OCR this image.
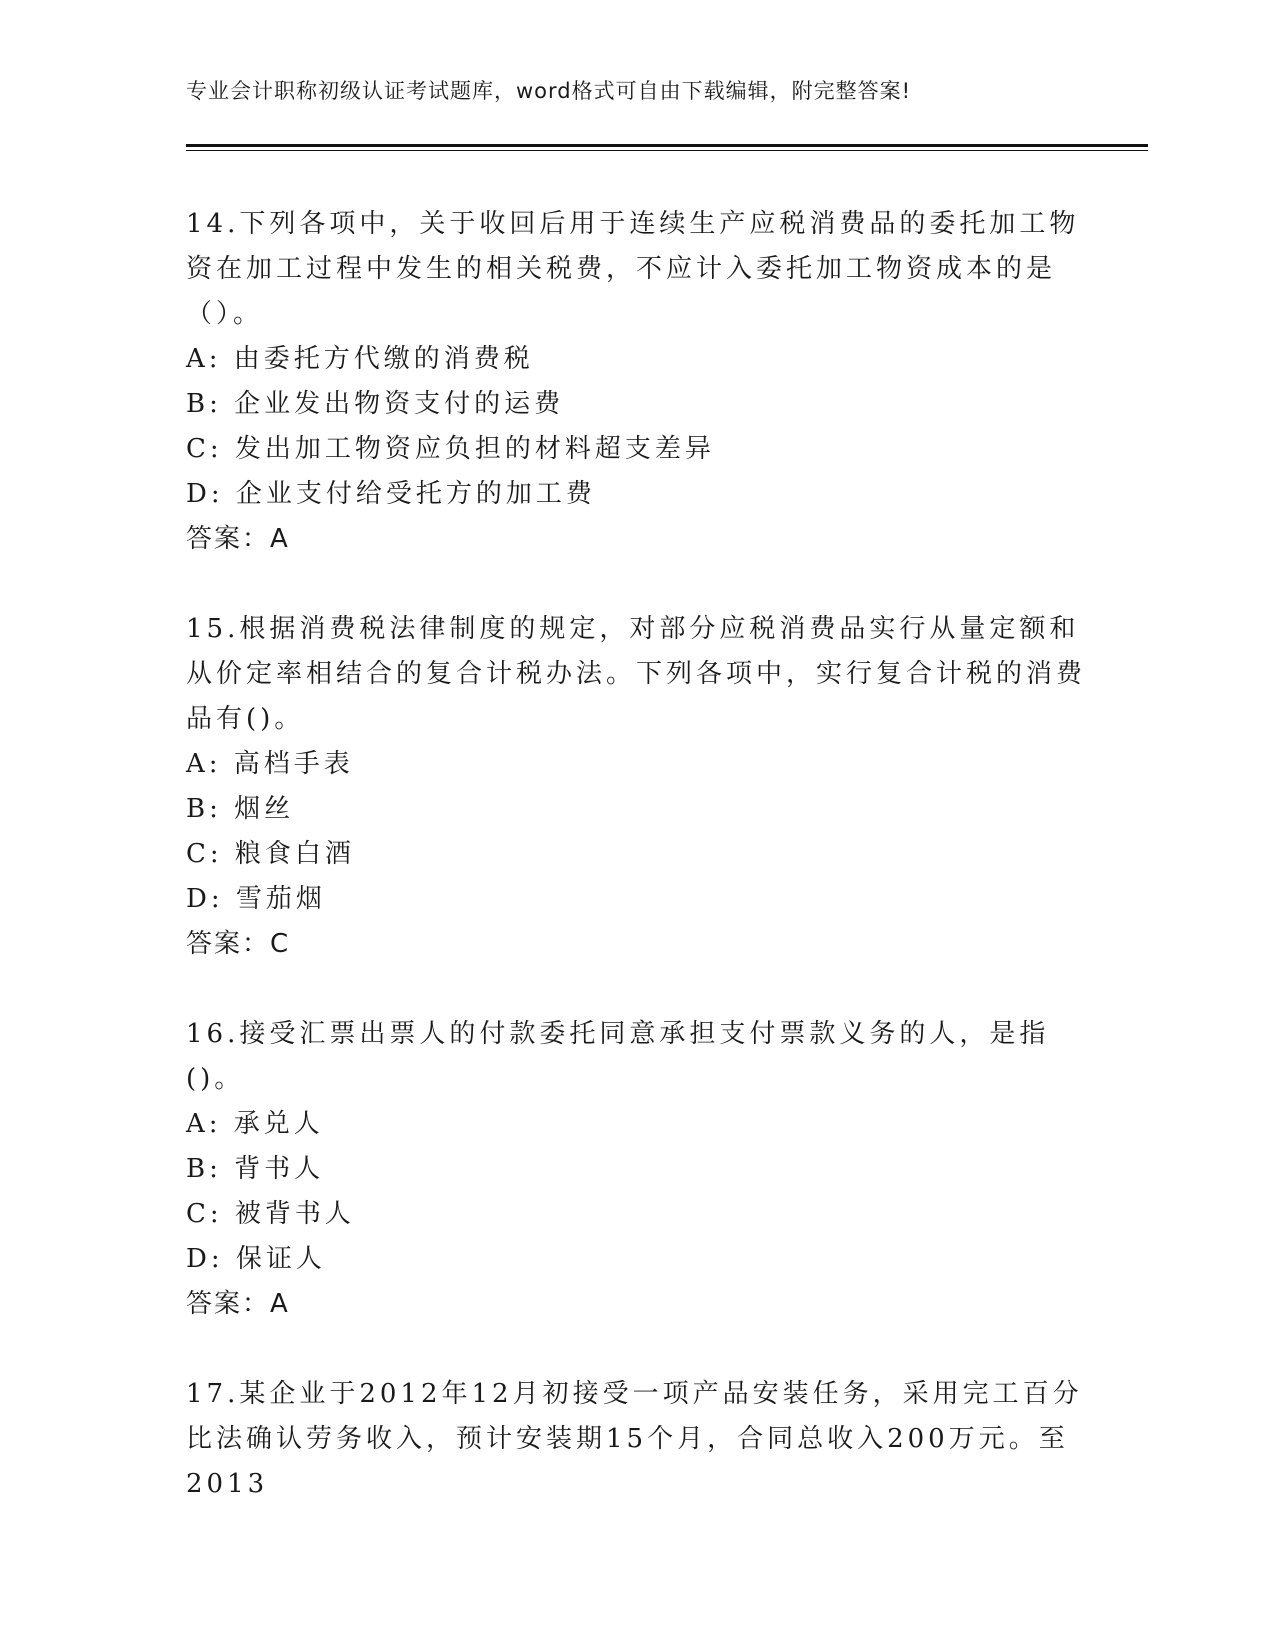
专业会计职称初级认证考试题库，word格式可自由下载编辑，附完整答案!

14.下列各项中，关于收回后用于连续生产应税消费品的委托加工物资在加工过程中发生的相关税费，不应计入委托加工物资成本的是（）。

A: 由委托方代缴的消费税

B: 企业发出物资支付的运费

C: 发出加工物资应负担的材料超支差异

D: 企业支付给受托方的加工费

答案：A

15.根据消费税法律制度的规定，对部分应税消费品实行从量定额和从价定率相结合的复合计税办法。下列各项中，实行复合计税的消费品有()。

A: 高档手表

B: 烟丝

C: 粮食白酒

D: 雪茄烟

答案：C

16.接受汇票出票人的付款委托同意承担支付票款义务的人，是指()。

A: 承兑人

B: 背书人

C: 被背书人

D: 保证人

答案：A

17.某企业于2012年12月初接受一项产品安装任务，采用完工百分比法确认劳务收入，预计安装期15个月，合同总收入200万元。至2013
